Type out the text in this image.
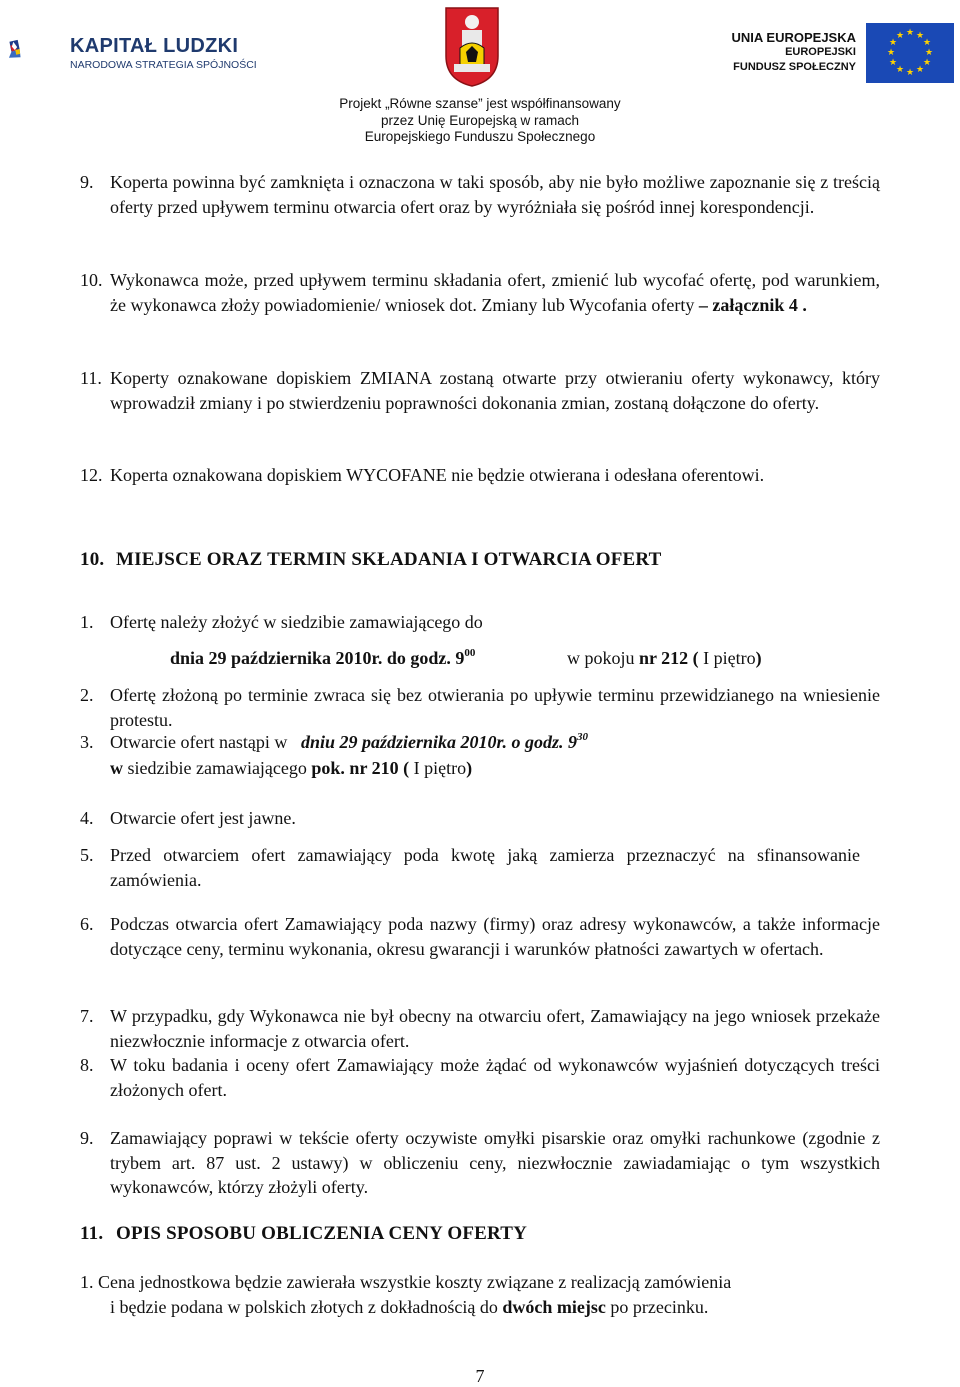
KAPITAŁ LUDZKI
NARODOWA STRATEGIA SPÓJNOŚCI
UNIA EUROPEJSKA
EUROPEJSKI
FUNDUSZ SPOŁECZNY
★ ★
★
★
★
★
★
★
★
★
★
★
Projekt „Równe szanse” jest współfinansowany
przez Unię Europejską w ramach
Europejskiego Funduszu Społecznego
9. Koperta powinna być zamknięta i oznaczona w taki sposób, aby nie było możliwe zapoznanie się z treścią oferty przed upływem terminu otwarcia ofert oraz by wyróżniała się pośród innej korespondencji.
10. Wykonawca może, przed upływem terminu składania ofert, zmienić lub wycofać ofertę, pod warunkiem, że wykonawca złoży powiadomienie/ wniosek dot. Zmiany lub Wycofania oferty – załącznik 4 .
11. Koperty oznakowane dopiskiem ZMIANA zostaną otwarte przy otwieraniu oferty wykonawcy, który wprowadził zmiany i po stwierdzeniu poprawności dokonania zmian, zostaną dołączone do oferty.
12. Koperta oznakowana dopiskiem WYCOFANE nie będzie otwierana i odesłana oferentowi.
10. MIEJSCE ORAZ TERMIN SKŁADANIA I OTWARCIA OFERT
1. Ofertę należy złożyć w siedzibie zamawiającego do
dnia 29 października 2010r. do godz. $9^{00}$	w pokoju nr 212 ( I piętro)
2. Ofertę złożoną po terminie zwraca się bez otwierania po upływie terminu przewidzianego na wniesienie protestu.
3. Otwarcie ofert nastąpi w dniu 29 października 2010r. o godz. $9^{30}$
w siedzibie zamawiającego pok. nr 210 ( I piętro)
4. Otwarcie ofert jest jawne.
5. Przed otwarciem ofert zamawiający poda kwotę jaką zamierza przeznaczyć na sfinansowanie zamówienia.
6. Podczas otwarcia ofert Zamawiający poda nazwy (firmy) oraz adresy wykonawców, a także informacje dotyczące ceny, terminu wykonania, okresu gwarancji i warunków płatności zawartych w ofertach.
7. W przypadku, gdy Wykonawca nie był obecny na otwarciu ofert, Zamawiający na jego wniosek przekaże niezwłocznie informacje z otwarcia ofert.
8. W toku badania i oceny ofert Zamawiający może żądać od wykonawców wyjaśnień dotyczących treści złożonych ofert.
9. Zamawiający poprawi w tekście oferty oczywiste omyłki pisarskie oraz omyłki rachunkowe (zgodnie z trybem art. 87 ust. 2 ustawy) w obliczeniu ceny, niezwłocznie zawiadamiając o tym wszystkich wykonawców, którzy złożyli oferty.
11. OPIS SPOSOBU OBLICZENIA CENY OFERTY
1. Cena jednostkowa będzie zawierała wszystkie koszty związane z realizacją zamówienia
i będzie podana w polskich złotych z dokładnością do dwóch miejsc po przecinku.
7
